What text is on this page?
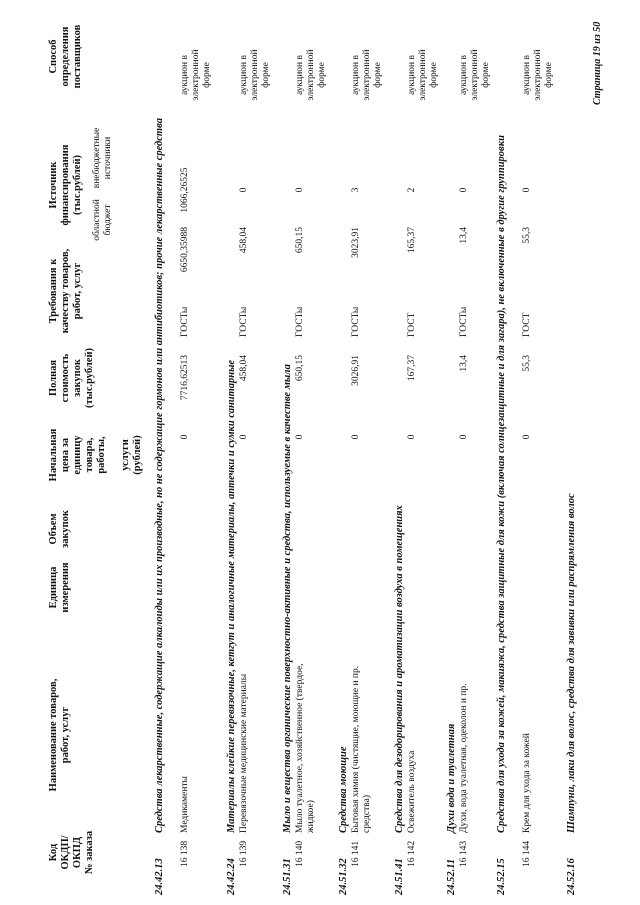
Код ОКДП/ ОКПД № заказа
Наименование товаров, работ, услуг
Единица измерения
Объем закупок
Начальная цена за единицу товара, работы, услуги (рублей)
Полная стоимость закупок (тыс.рублей)
Требования к качеству товаров, работ, услуг
Источник финансирования (тыс.рублей)
областной бюджет
внебюджетные источники
Способ определения поставщиков
24.42.13Средства лекарственные, содержащие алкалоиды или их производные, но не содержащие гормонов или антибиотиков; прочие лекарственные средства
16 138
Медикаменты
0
7716,62513
ГОСТы
6650,35988
1066,26525
аукцион в электронной форме
24.42.24Материалы клейкие перевязочные, кетгут и аналогичные материалы, аптечки и сумки санитарные
16 139
Перевязочные медицинские материалы
0
458,04
ГОСТы
458,04
0
аукцион в электронной форме
24.51.31Мыло и вещества органические поверхностно-активные и средства, используемые в качестве мыла
16 140
Мыло туалетное, хозяйственное (твердое, жидкое)
0
650,15
ГОСТы
650,15
0
аукцион в электронной форме
24.51.32Средства моющие
16 141
Бытовая химия (чистящие, моющие и пр. средства)
0
3026,91
ГОСТы
3023,91
3
аукцион в электронной форме
24.51.41Средства для дезодорирования и ароматизации воздуха в помещениях
16 142
Освежитель воздуха
0
167,37
ГОСТ
165,37
2
аукцион в электронной форме
24.52.11Духи вода и туалетная
16 143
Духи, вода туалетная, одеколон и пр.
0
13,4
ГОСТы
13,4
0
аукцион в электронной форме
24.52.15Средства для ухода за кожей, макияжа, средства защитные для кожи (включая солнцезащитные и для загара), не включенные в другие группировки
16 144
Крем для ухода за кожей
0
55,3
ГОСТ
55,3
0
аукцион в электронной форме
24.52.16Шампуни, лаки для волос, средства для завивки или распрямления волос
Страница 19 из 50
